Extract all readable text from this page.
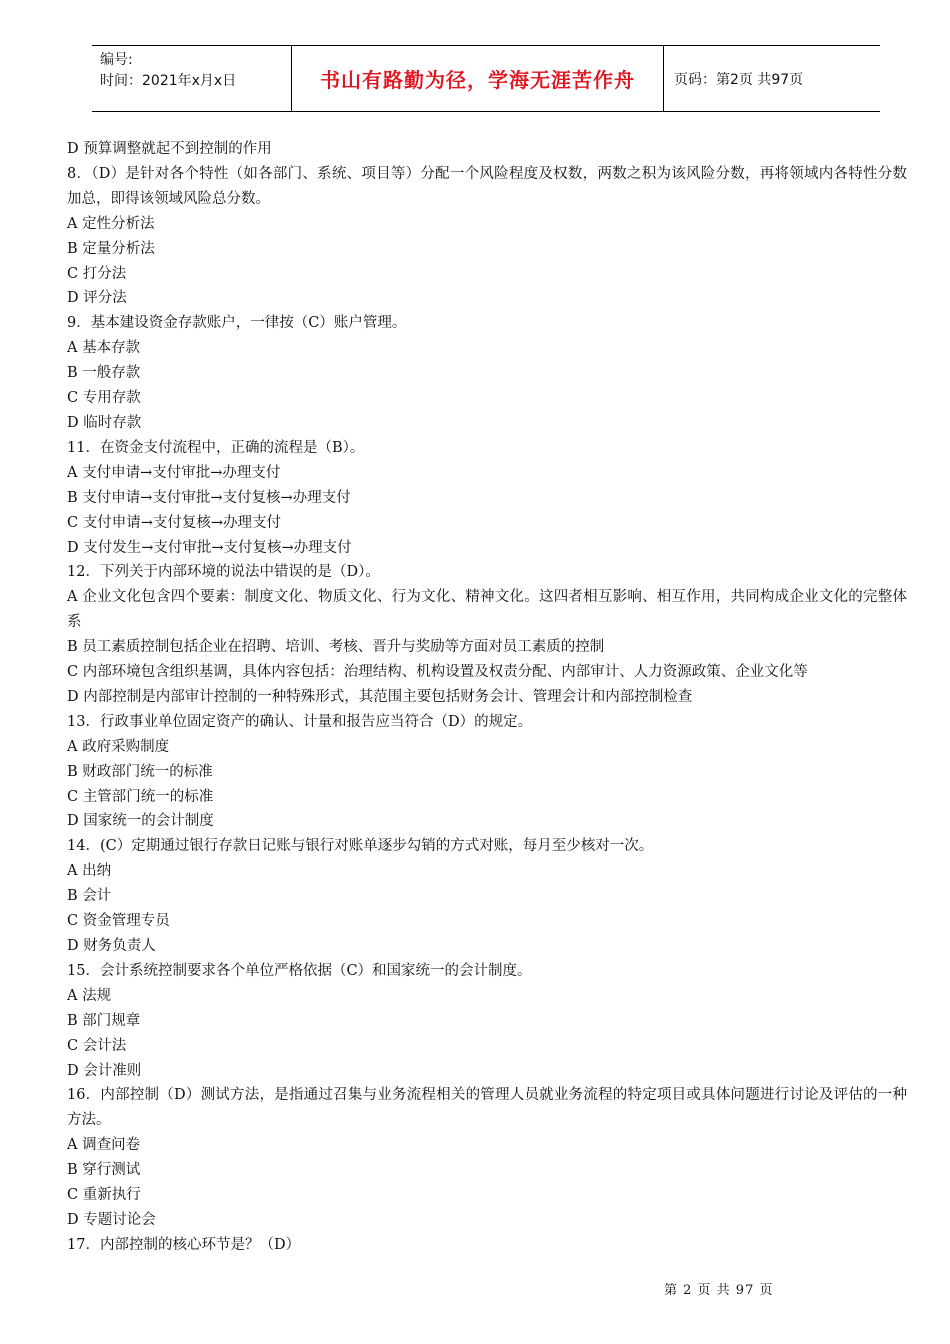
编号:
时间：2021年x月x日	书山有路勤为径，学海无涯苦作舟	页码：第2页 共97页
D 预算调整就起不到控制的作用
8．（D）是针对各个特性（如各部门、系统、项目等）分配一个风险程度及权数，两数之积为该风险分数，再将领域内各特性分数加总，即得该领域风险总分数。
A 定性分析法
B 定量分析法
C 打分法
D 评分法
9．基本建设资金存款账户，一律按（C）账户管理。
A 基本存款
B 一般存款
C 专用存款
D 临时存款
11．在资金支付流程中，正确的流程是（B）。
A 支付申请→支付审批→办理支付
B 支付申请→支付审批→支付复核→办理支付
C 支付申请→支付复核→办理支付
D 支付发生→支付审批→支付复核→办理支付
12．下列关于内部环境的说法中错误的是（D）。
A 企业文化包含四个要素：制度文化、物质文化、行为文化、精神文化。这四者相互影响、相互作用，共同构成企业文化的完整体系
B 员工素质控制包括企业在招聘、培训、考核、晋升与奖励等方面对员工素质的控制
C 内部环境包含组织基调，具体内容包括：治理结构、机构设置及权责分配、内部审计、人力资源政策、企业文化等
D 内部控制是内部审计控制的一种特殊形式，其范围主要包括财务会计、管理会计和内部控制检查
13．行政事业单位固定资产的确认、计量和报告应当符合（D）的规定。
A 政府采购制度
B 财政部门统一的标准
C 主管部门统一的标准
D 国家统一的会计制度
14．(C）定期通过银行存款日记账与银行对账单逐步勾销的方式对账，每月至少核对一次。
A 出纳
B 会计
C 资金管理专员
D 财务负责人
15．会计系统控制要求各个单位严格依据（C）和国家统一的会计制度。
A 法规
B 部门规章
C 会计法
D 会计准则
16．内部控制（D）测试方法，是指通过召集与业务流程相关的管理人员就业务流程的特定项目或具体问题进行讨论及评估的一种方法。
A 调查问卷
B 穿行测试
C 重新执行
D 专题讨论会
17．内部控制的核心环节是？（D）
第 2 页 共 97 页
